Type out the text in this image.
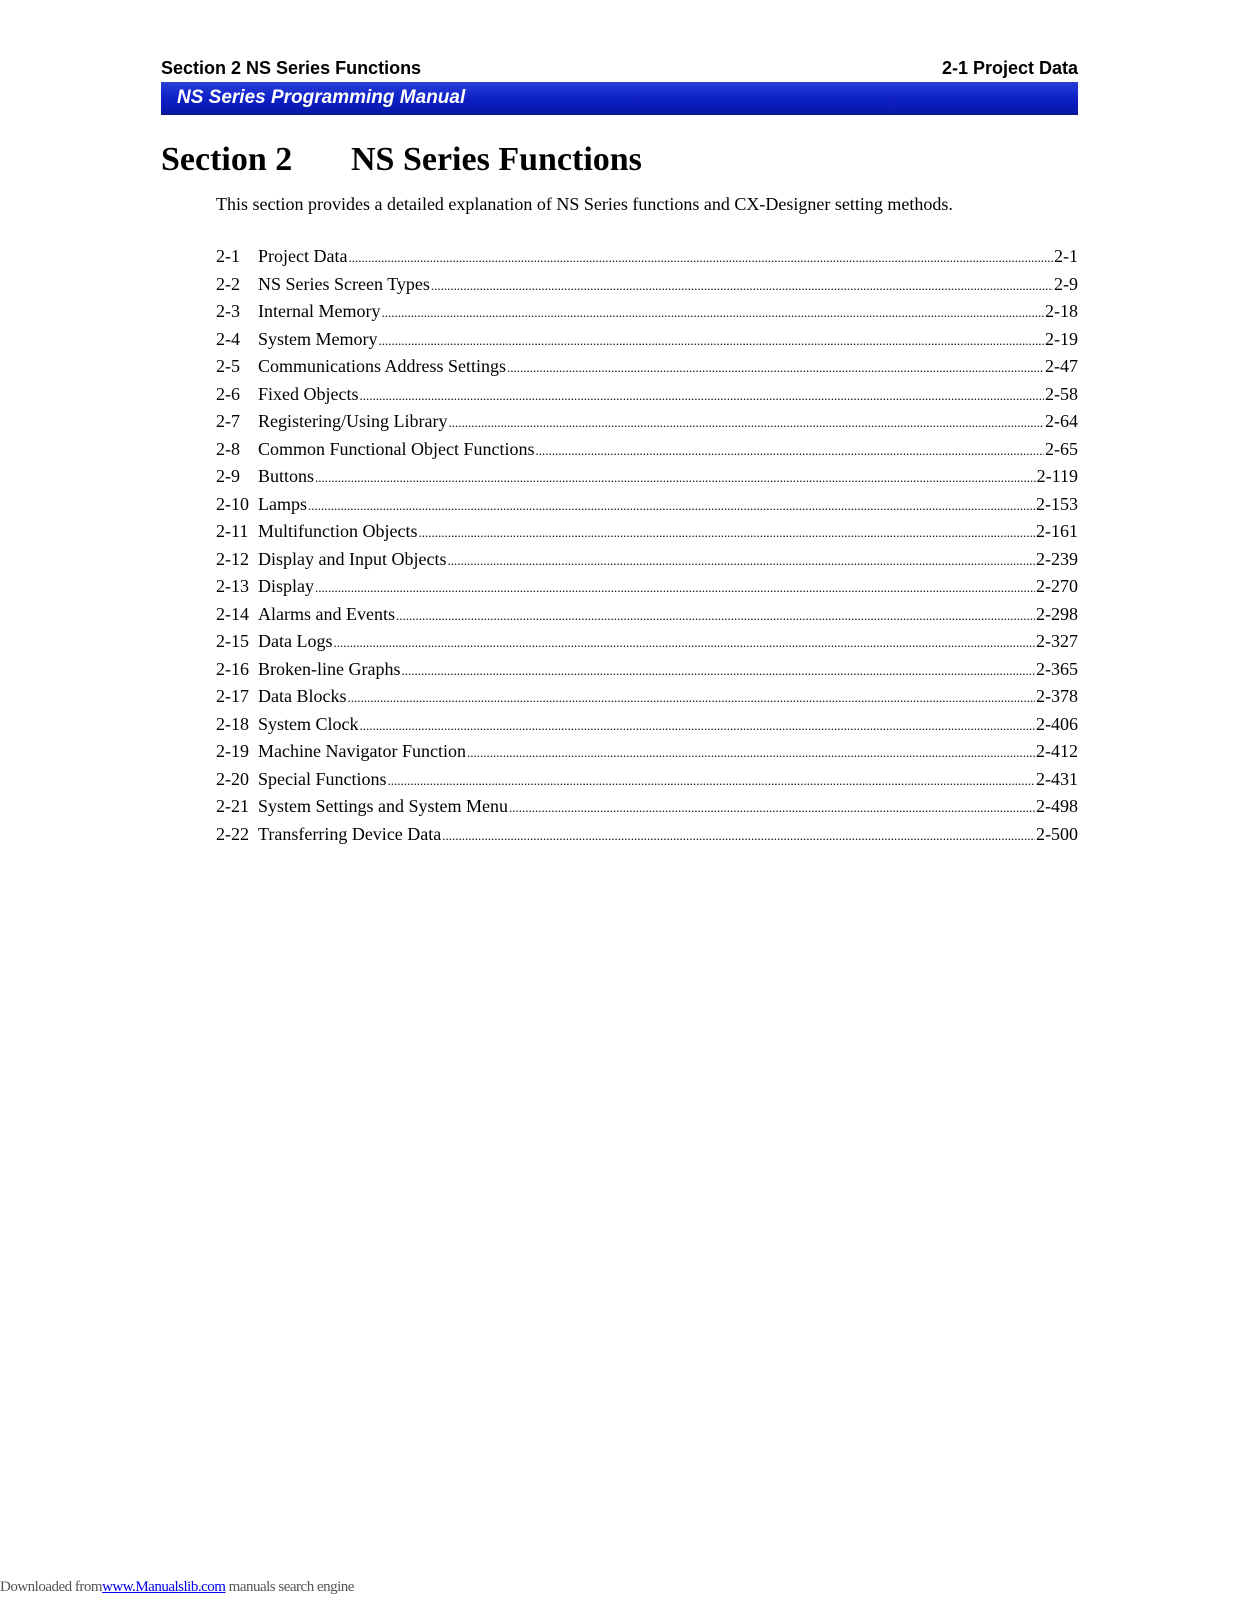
Section 2 NS Series Functions	2-1 Project Data
NS Series Programming Manual
Section 2 NS Series Functions
This section provides a detailed explanation of NS Series functions and CX-Designer setting methods.
2-1	Project Data .....	2-1
2-2	NS Series Screen Types .....	2-9
2-3	Internal Memory .....	2-18
2-4	System Memory .....	2-19
2-5	Communications Address Settings .....	2-47
2-6	Fixed Objects .....	2-58
2-7	Registering/Using Library .....	2-64
2-8	Common Functional Object Functions .....	2-65
2-9	Buttons .....	2-119
2-10 Lamps .....	2-153
2-11 Multifunction Objects .....	2-161
2-12 Display and Input Objects .....	2-239
2-13 Display .....	2-270
2-14 Alarms and Events .....	2-298
2-15 Data Logs .....	2-327
2-16 Broken-line Graphs .....	2-365
2-17 Data Blocks .....	2-378
2-18 System Clock .....	2-406
2-19 Machine Navigator Function .....	2-412
2-20 Special Functions .....	2-431
2-21 System Settings and System Menu .....	2-498
2-22 Transferring Device Data .....	2-500
Downloaded fromwww.Manualslib.com manuals search engine
